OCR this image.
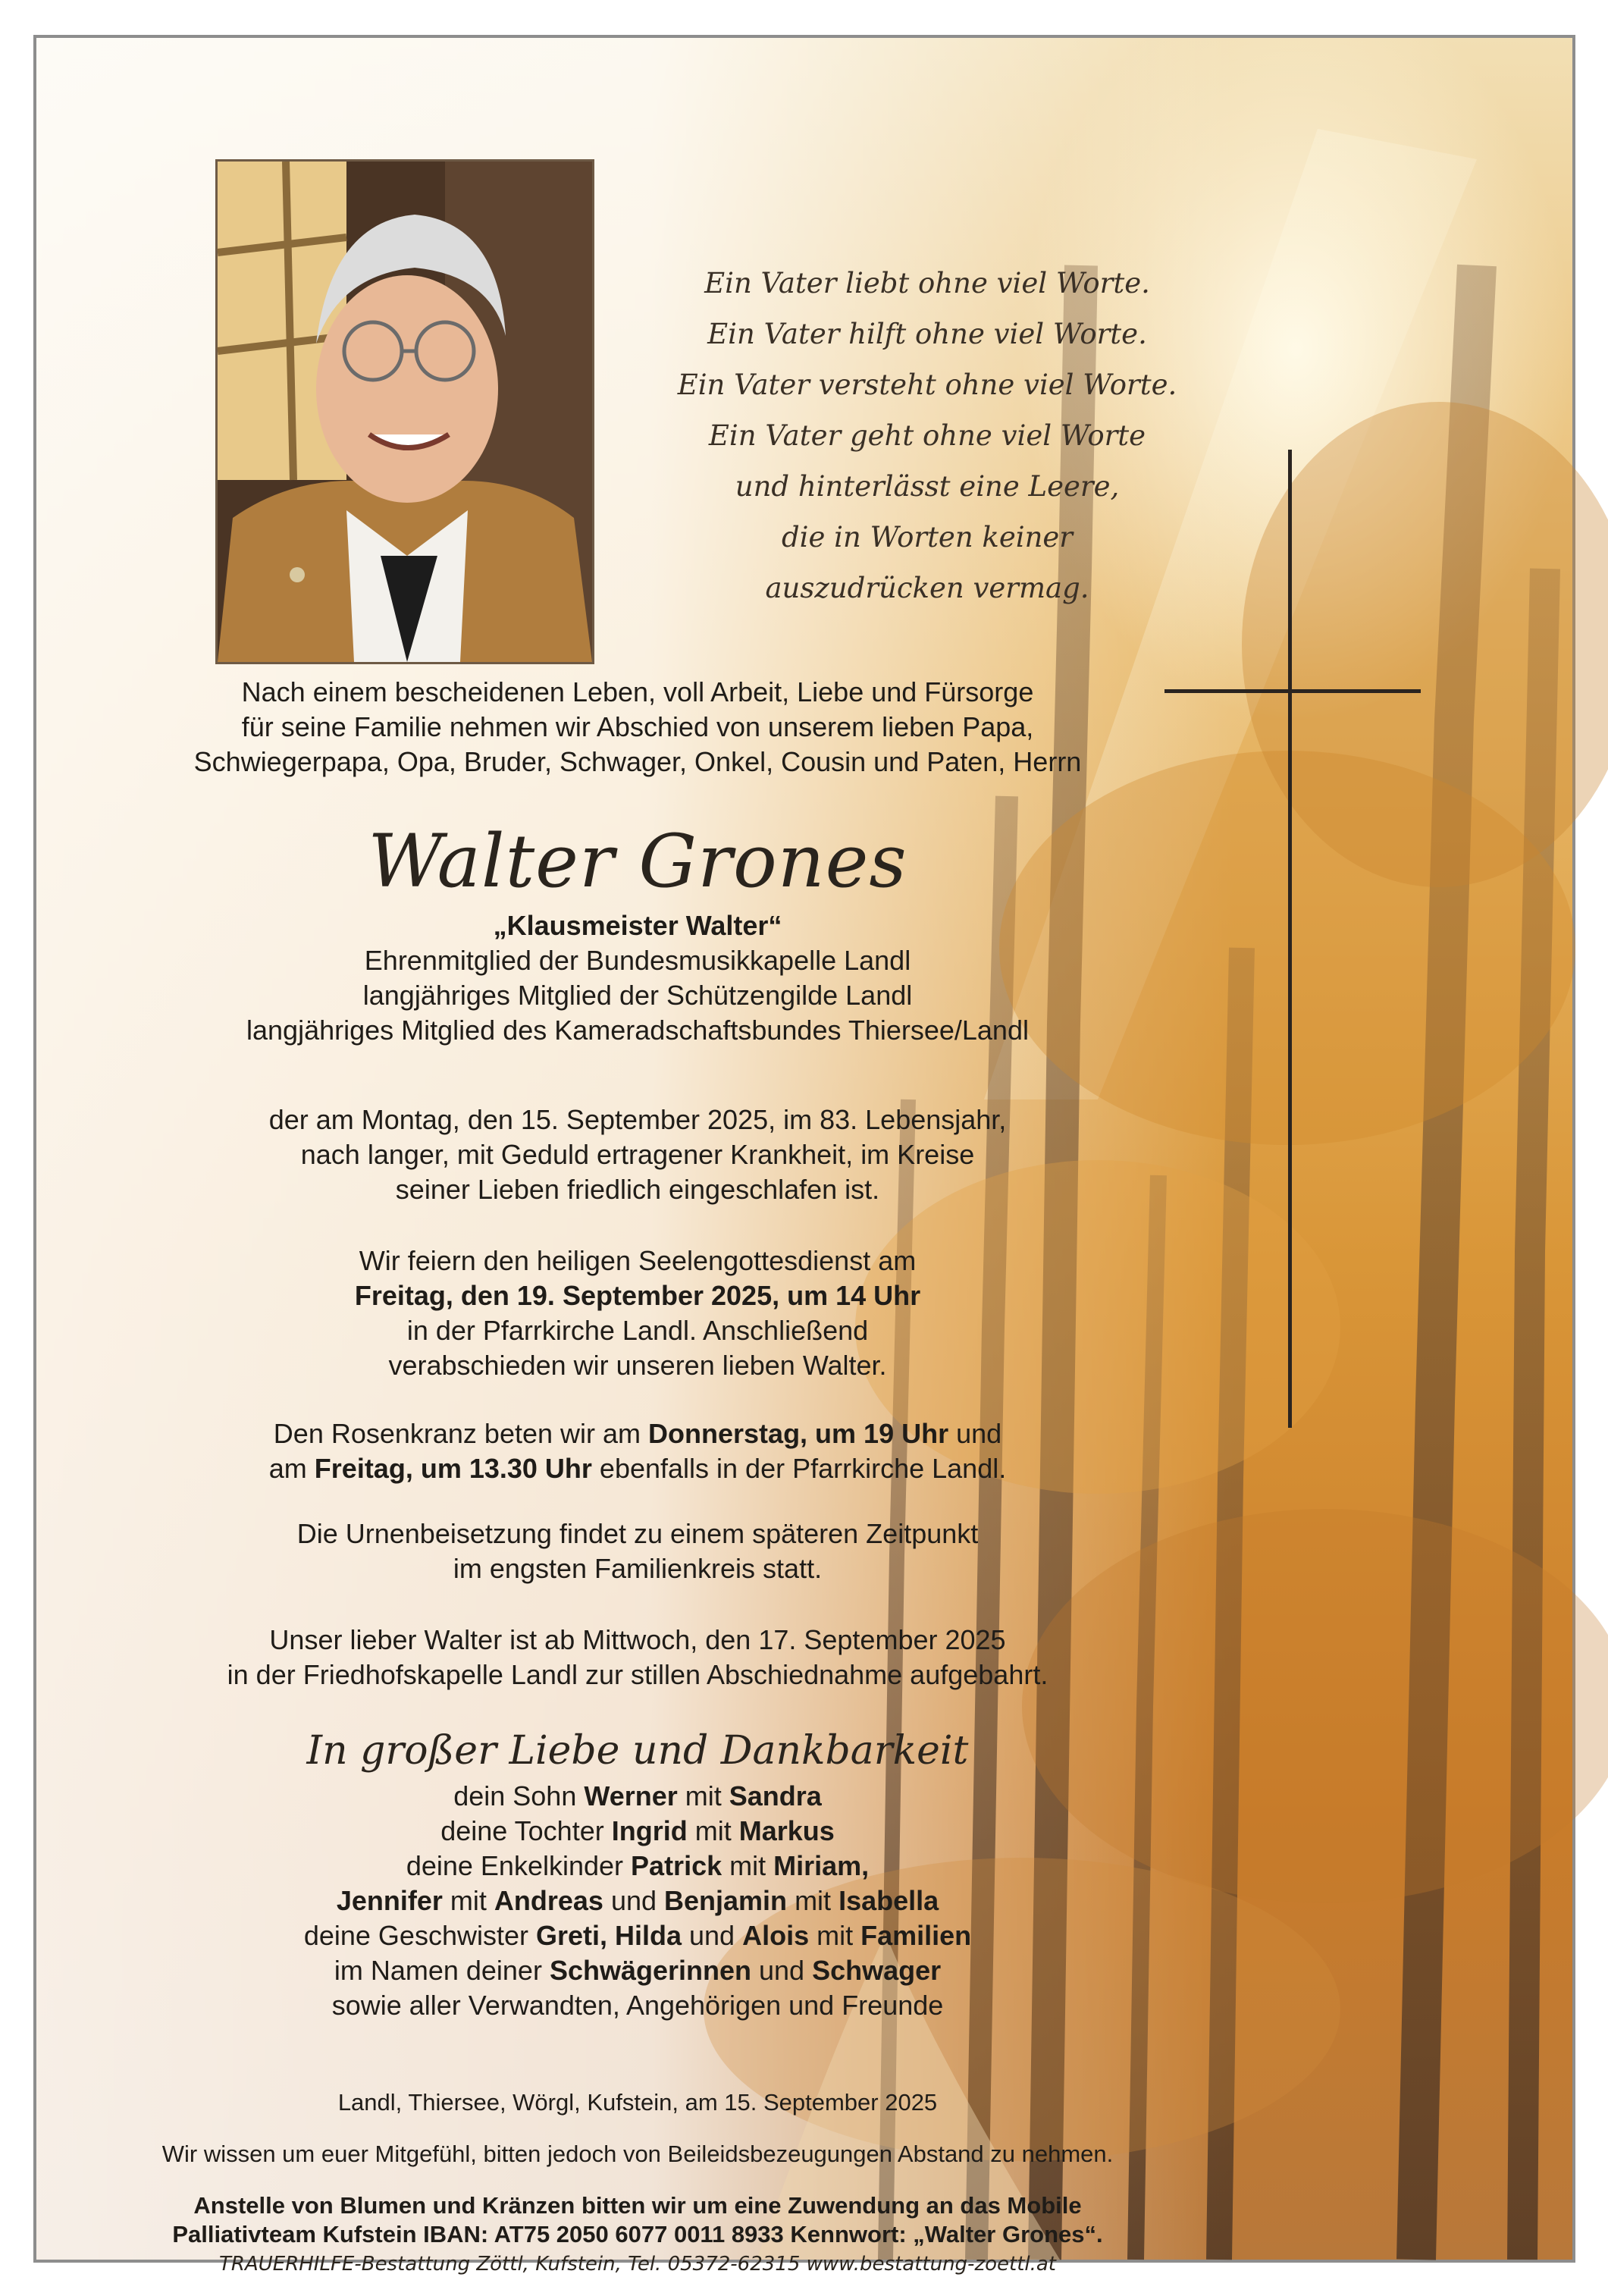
Ein Vater liebt ohne viel Worte.
Ein Vater hilft ohne viel Worte.
Ein Vater versteht ohne viel Worte.
Ein Vater geht ohne viel Worte
und hinterlässt eine Leere,
die in Worten keiner
auszudrücken vermag.
Nach einem bescheidenen Leben, voll Arbeit, Liebe und Fürsorge
für seine Familie nehmen wir Abschied von unserem lieben Papa,
Schwiegerpapa, Opa, Bruder, Schwager, Onkel, Cousin und Paten, Herrn
Walter Grones
„Klausmeister Walter“
Ehrenmitglied der Bundesmusikkapelle Landl
langjähriges Mitglied der Schützengilde Landl
langjähriges Mitglied des Kameradschaftsbundes Thiersee/Landl
der am Montag, den 15. September 2025, im 83. Lebensjahr,
nach langer, mit Geduld ertragener Krankheit, im Kreise
seiner Lieben friedlich eingeschlafen ist.
Wir feiern den heiligen Seelengottesdienst am
Freitag, den 19. September 2025, um 14 Uhr
in der Pfarrkirche Landl. Anschließend
verabschieden wir unseren lieben Walter.
Den Rosenkranz beten wir am Donnerstag, um 19 Uhr und
am Freitag, um 13.30 Uhr ebenfalls in der Pfarrkirche Landl.
Die Urnenbeisetzung findet zu einem späteren Zeitpunkt
im engsten Familienkreis statt.
Unser lieber Walter ist ab Mittwoch, den 17. September 2025
in der Friedhofskapelle Landl zur stillen Abschiednahme aufgebahrt.
In großer Liebe und Dankbarkeit
dein Sohn Werner mit Sandra
deine Tochter Ingrid mit Markus
deine Enkelkinder Patrick mit Miriam,
Jennifer mit Andreas und Benjamin mit Isabella
deine Geschwister Greti, Hilda und Alois mit Familien
im Namen deiner Schwägerinnen und Schwager
sowie aller Verwandten, Angehörigen und Freunde
Landl, Thiersee, Wörgl, Kufstein, am 15. September 2025
Wir wissen um euer Mitgefühl, bitten jedoch von Beileidsbezeugungen Abstand zu nehmen.
Anstelle von Blumen und Kränzen bitten wir um eine Zuwendung an das Mobile
Palliativteam Kufstein IBAN: AT75 2050 6077 0011 8933 Kennwort: „Walter Grones“.
TRAUERHILFE-Bestattung Zöttl, Kufstein, Tel. 05372-62315 www.bestattung-zoettl.at
